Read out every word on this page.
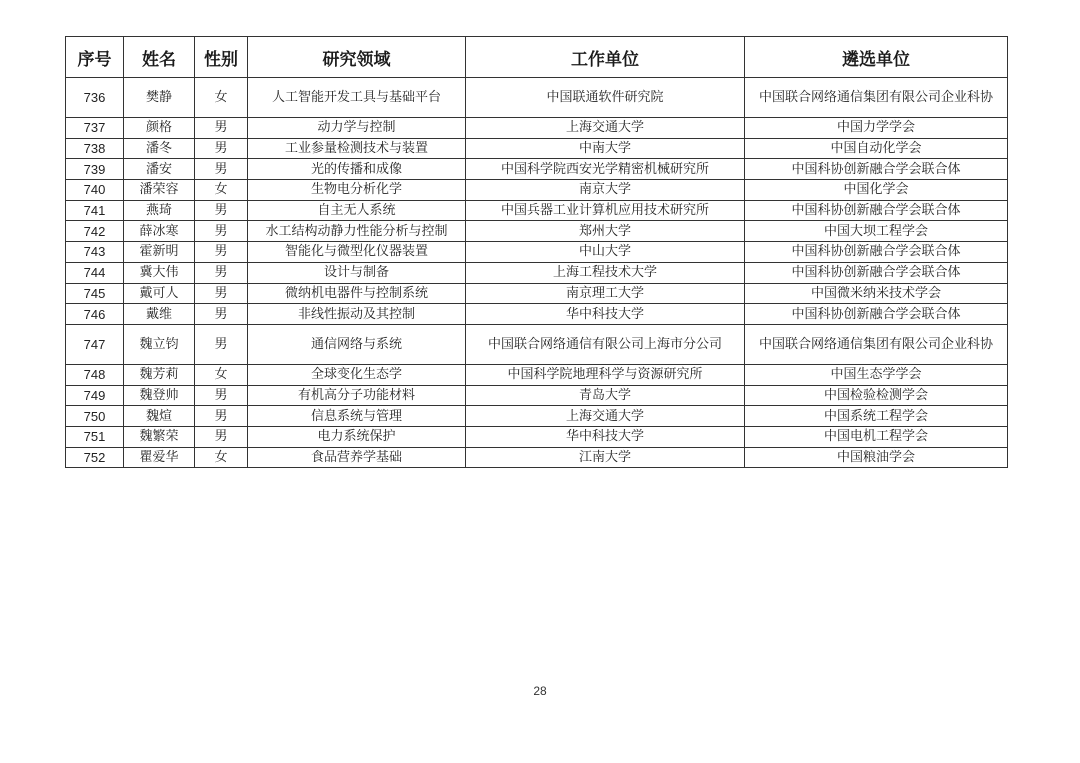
序号	姓名	性别	研究领域	工作单位	遴选单位
736	樊静	女	人工智能开发工具与基础平台	中国联通软件研究院	中国联合网络通信集团有限公司企业科协
737	颜格	男	动力学与控制	上海交通大学	中国力学学会
738	潘冬	男	工业参量检测技术与装置	中南大学	中国自动化学会
739	潘安	男	光的传播和成像	中国科学院西安光学精密机械研究所	中国科协创新融合学会联合体
740	潘荣容	女	生物电分析化学	南京大学	中国化学会
741	燕琦	男	自主无人系统	中国兵器工业计算机应用技术研究所	中国科协创新融合学会联合体
742	薛冰寒	男	水工结构动静力性能分析与控制	郑州大学	中国大坝工程学会
743	霍新明	男	智能化与微型化仪器装置	中山大学	中国科协创新融合学会联合体
744	冀大伟	男	设计与制备	上海工程技术大学	中国科协创新融合学会联合体
745	戴可人	男	微纳机电器件与控制系统	南京理工大学	中国微米纳米技术学会
746	戴维	男	非线性振动及其控制	华中科技大学	中国科协创新融合学会联合体
747	魏立钧	男	通信网络与系统	中国联合网络通信有限公司上海市分公司	中国联合网络通信集团有限公司企业科协
748	魏芳莉	女	全球变化生态学	中国科学院地理科学与资源研究所	中国生态学学会
749	魏登帅	男	有机高分子功能材料	青岛大学	中国检验检测学会
750	魏煊	男	信息系统与管理	上海交通大学	中国系统工程学会
751	魏繁荣	男	电力系统保护	华中科技大学	中国电机工程学会
752	瞿爱华	女	食品营养学基础	江南大学	中国粮油学会
28
